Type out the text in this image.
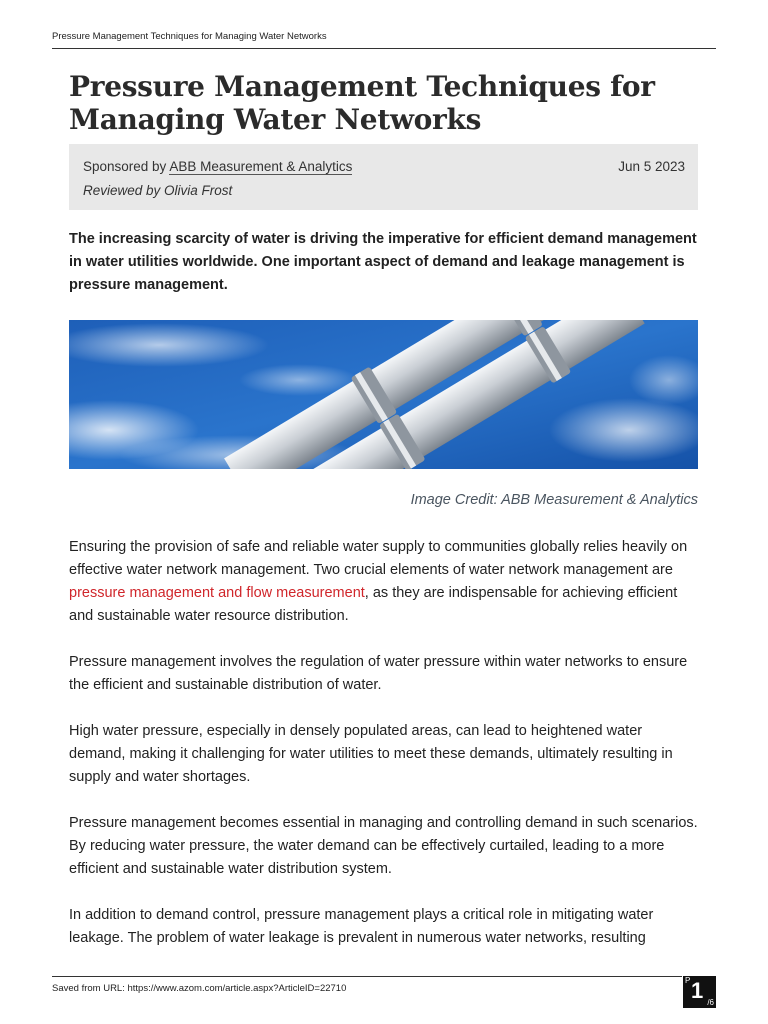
Pressure Management Techniques for Managing Water Networks
Pressure Management Techniques for Managing Water Networks
Sponsored by ABB Measurement & Analytics	Jun 5 2023
Reviewed by Olivia Frost

The increasing scarcity of water is driving the imperative for efficient demand management in water utilities worldwide. One important aspect of demand and leakage management is pressure management.

Image Credit: ABB Measurement & Analytics

Ensuring the provision of safe and reliable water supply to communities globally relies heavily on effective water network management. Two crucial elements of water network management are pressure management and flow measurement, as they are indispensable for achieving efficient and sustainable water resource distribution.

Pressure management involves the regulation of water pressure within water networks to ensure the efficient and sustainable distribution of water.

High water pressure, especially in densely populated areas, can lead to heightened water demand, making it challenging for water utilities to meet these demands, ultimately resulting in supply and water shortages.

Pressure management becomes essential in managing and controlling demand in such scenarios. By reducing water pressure, the water demand can be effectively curtailed, leading to a more efficient and sustainable water distribution system.

In addition to demand control, pressure management plays a critical role in mitigating water leakage. The problem of water leakage is prevalent in numerous water networks, resulting

Saved from URL: https://www.azom.com/article.aspx?ArticleID=22710
P 1 /6
